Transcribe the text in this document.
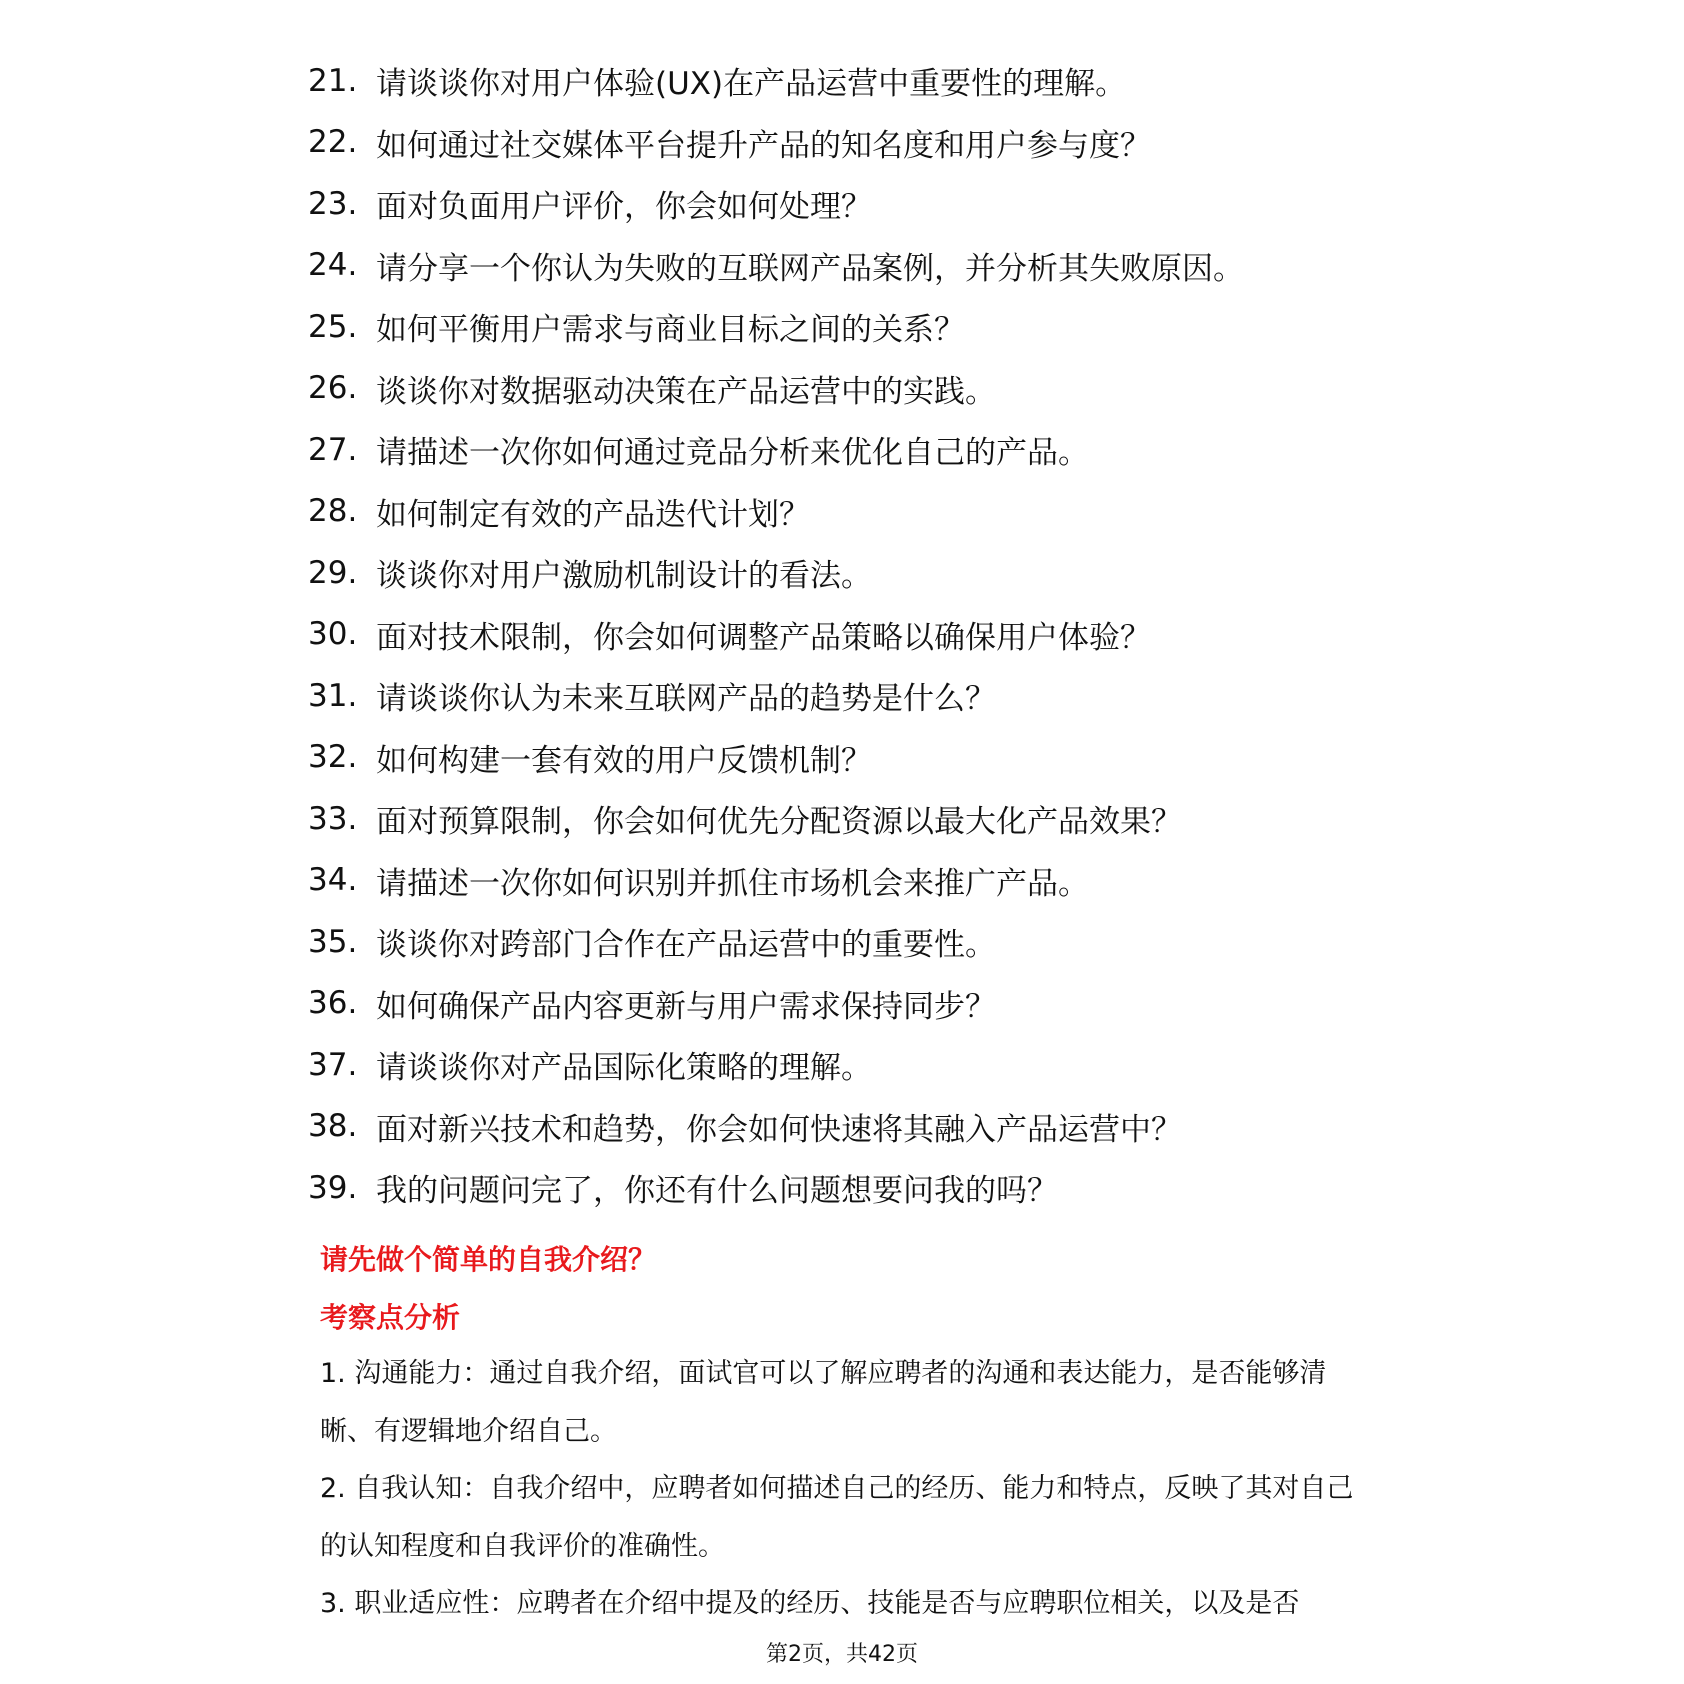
21. 请谈谈你对用户体验(UX)在产品运营中重要性的理解。
22. 如何通过社交媒体平台提升产品的知名度和用户参与度？
23. 面对负面用户评价，你会如何处理？
24. 请分享一个你认为失败的互联网产品案例，并分析其失败原因。
25. 如何平衡用户需求与商业目标之间的关系？
26. 谈谈你对数据驱动决策在产品运营中的实践。
27. 请描述一次你如何通过竞品分析来优化自己的产品。
28. 如何制定有效的产品迭代计划？
29. 谈谈你对用户激励机制设计的看法。
30. 面对技术限制，你会如何调整产品策略以确保用户体验？
31. 请谈谈你认为未来互联网产品的趋势是什么？
32. 如何构建一套有效的用户反馈机制？
33. 面对预算限制，你会如何优先分配资源以最大化产品效果？
34. 请描述一次你如何识别并抓住市场机会来推广产品。
35. 谈谈你对跨部门合作在产品运营中的重要性。
36. 如何确保产品内容更新与用户需求保持同步？
37. 请谈谈你对产品国际化策略的理解。
38. 面对新兴技术和趋势，你会如何快速将其融入产品运营中？
39. 我的问题问完了，你还有什么问题想要问我的吗？
请先做个简单的自我介绍？
考察点分析
1. 沟通能力：通过自我介绍，面试官可以了解应聘者的沟通和表达能力，是否能够清晰、有逻辑地介绍自己。
2. 自我认知：自我介绍中，应聘者如何描述自己的经历、能力和特点，反映了其对自己的认知程度和自我评价的准确性。
3. 职业适应性：应聘者在介绍中提及的经历、技能是否与应聘职位相关，以及是否
第2页，共42页
